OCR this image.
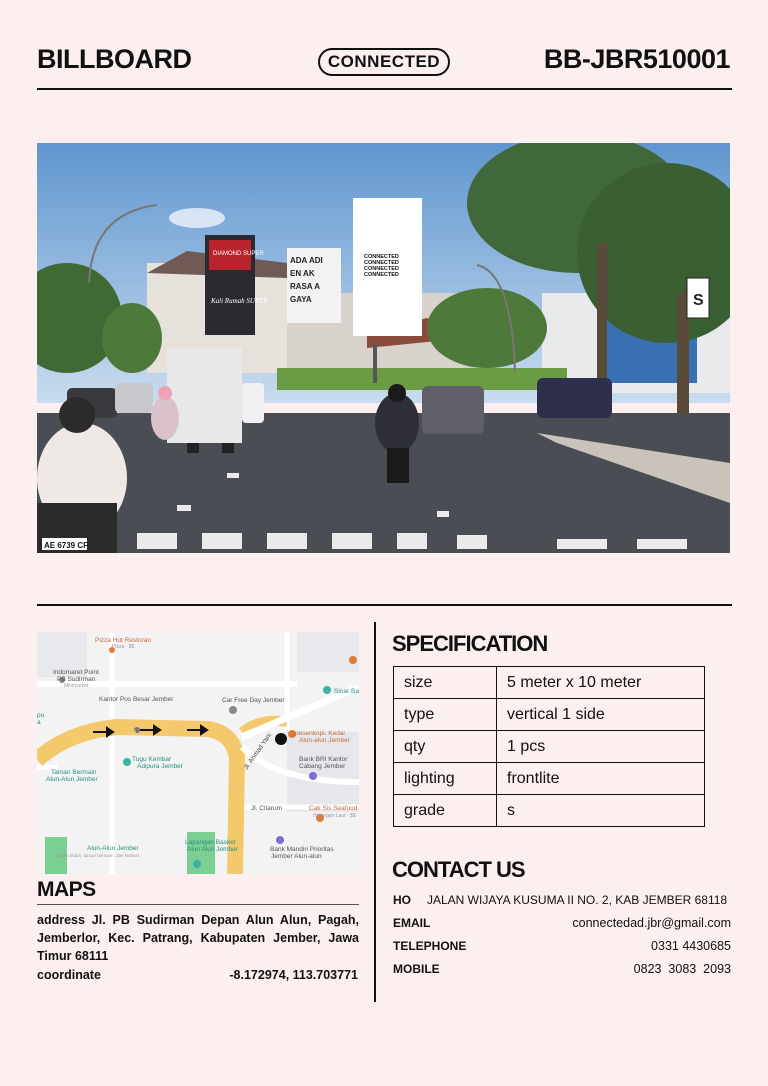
BILLBOARD	CONNECTED	BB-JBR510001
DIAMOND SUPER
Kali Rumah SUPER
ADA ADI
EN AK
RASA A
GAYA
CONNECTED
CONNECTED
CONNECTED
CONNECTED
S
AE 6739 CF
7
Pizza Hut Restoran
Pizza · $$
Indomaret Point
PB Sudirman
Minimarket
Kantor Pos Besar Jember	Car Free Day Jember
Sinar Ba
po
a
pesenkopi. Kedai
Alun-alun Jember
Jl. Ahmad Yani
Tugu Kembar
Adipura Jember
Taman Bermain
Alun-Alun Jember
Bank BRI Kantor
Cabang Jember
Jl. Citarum	Cak Sis Seafood
Hidangan Laut · $$
Alun-Alun Jember
Taman teduh, taman bermain, dan festival
Lapangan Basket
Alun Alun Jember	Bank Mandiri Prioritas
Jember Alun-alun
MAPS
address Jl. PB Sudirman Depan Alun Alun, Pagah, Jemberlor, Kec. Patrang, Kabupaten Jember, Jawa Timur 68111
coordinate	-8.172974, 113.703771
SPECIFICATION
size	5 meter x 10 meter
type	vertical 1 side
qty	1 pcs
lighting	frontlite
grade	s
CONTACT US
HO JALAN WIJAYA KUSUMA II NO. 2, KAB JEMBER 68118
EMAIL	connectedad.jbr@gmail.com
TELEPHONE	0331 4430685
MOBILE	0823  3083  2093
